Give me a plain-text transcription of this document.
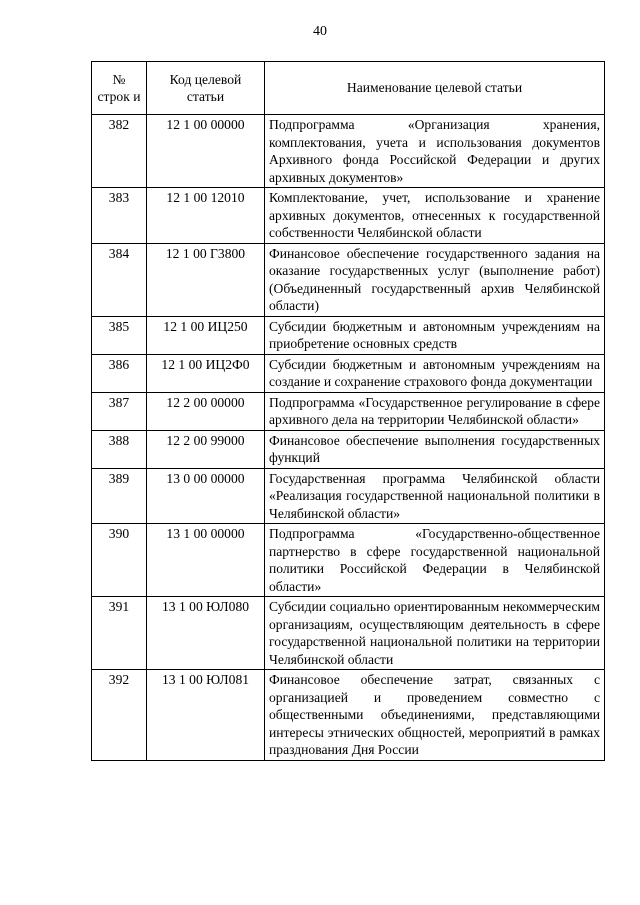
40
№ строк и	Код целевой статьи	Наименование целевой статьи
382	12 1 00 00000	Подпрограмма «Организация хранения, комплектования, учета и использования документов Архивного фонда Российской Федерации и других архивных документов»
383	12 1 00 12010	Комплектование, учет, использование и хранение архивных документов, отнесенных к государственной собственности Челябинской области
384	12 1 00 Г3800	Финансовое обеспечение государственного задания на оказание государственных услуг (выполнение работ) (Объединенный государственный архив Челябинской области)
385	12 1 00 ИЦ250	Субсидии бюджетным и автономным учреждениям на приобретение основных средств
386	12 1 00 ИЦ2Ф0	Субсидии бюджетным и автономным учреждениям на создание и сохранение страхового фонда документации
387	12 2 00 00000	Подпрограмма «Государственное регулирование в сфере архивного дела на территории Челябинской области»
388	12 2 00 99000	Финансовое обеспечение выполнения государственных функций
389	13 0 00 00000	Государственная программа Челябинской области «Реализация государственной национальной политики в Челябинской области»
390	13 1 00 00000	Подпрограмма «Государственно-общественное партнерство в сфере государственной национальной политики Российской Федерации в Челябинской области»
391	13 1 00 ЮЛ080	Субсидии социально ориентированным некоммерческим организациям, осуществляющим деятельность в сфере государственной национальной политики на территории Челябинской области
392	13 1 00 ЮЛ081	Финансовое обеспечение затрат, связанных с организацией и проведением совместно с общественными объединениями, представляющими интересы этнических общностей, мероприятий в рамках празднования Дня России
